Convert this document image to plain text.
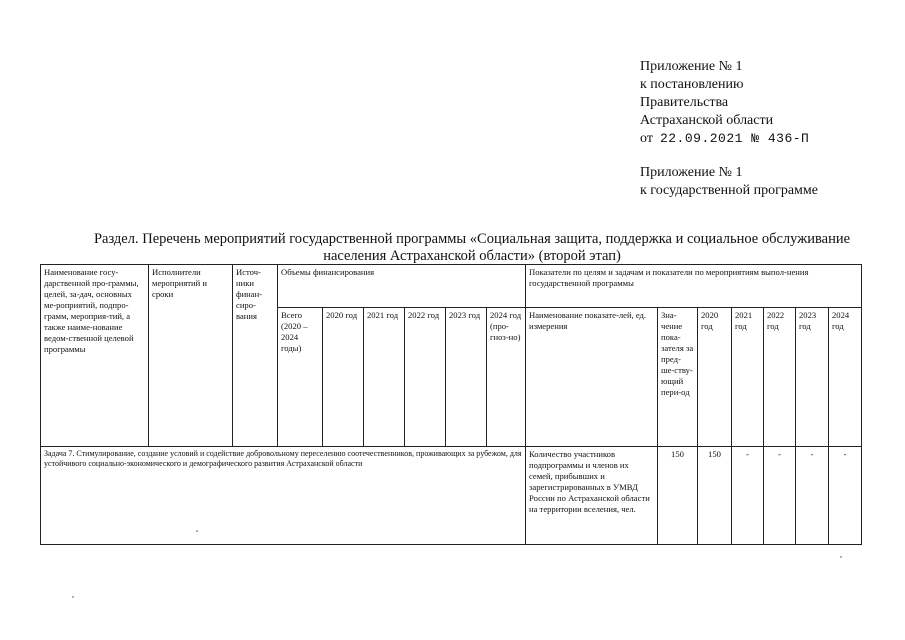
Приложение № 1
к постановлению
Правительства
Астраханской области
от 22.09.2021 № 436-П
Приложение № 1
к государственной программе
Раздел. Перечень мероприятий государственной программы «Социальная защита, поддержка и социальное обслуживание
населения Астраханской области» (второй этап)
Наименование госу-дарственной про-граммы, целей, за-дач, основных ме-роприятий, подпро-грамм, мероприя-тий, а также наиме-нование ведом-ственной целевой программы	Исполнители мероприятий и сроки	Источ-ники финан-сиро-вания	Объемы финансирования						Показатели по целям и задачам и показатели по мероприятиям выпол-нения государственной программы						
			Всего (2020 – 2024 годы)	2020 год	2021 год	2022 год	2023 год	2024 год (про-гноз-но)	Наименование показате-лей, ед. измерения	Зна-чение пока-зателя за пред-ше-ству-ющий пери-од	2020 год	2021 год	2022 год	2023 год	2024 год
Задача 7. Стимулирование, создание условий и содействие добровольному переселению соотечественников, проживающих за рубежом, для устойчивого социально-экономического и демографического развития Астраханской области									Количество участников подпрограммы и членов их семей, прибывших и зарегистрированных в УМВД России по Астраханской области на территории вселения, чел.	150	150	-	-	-	-
